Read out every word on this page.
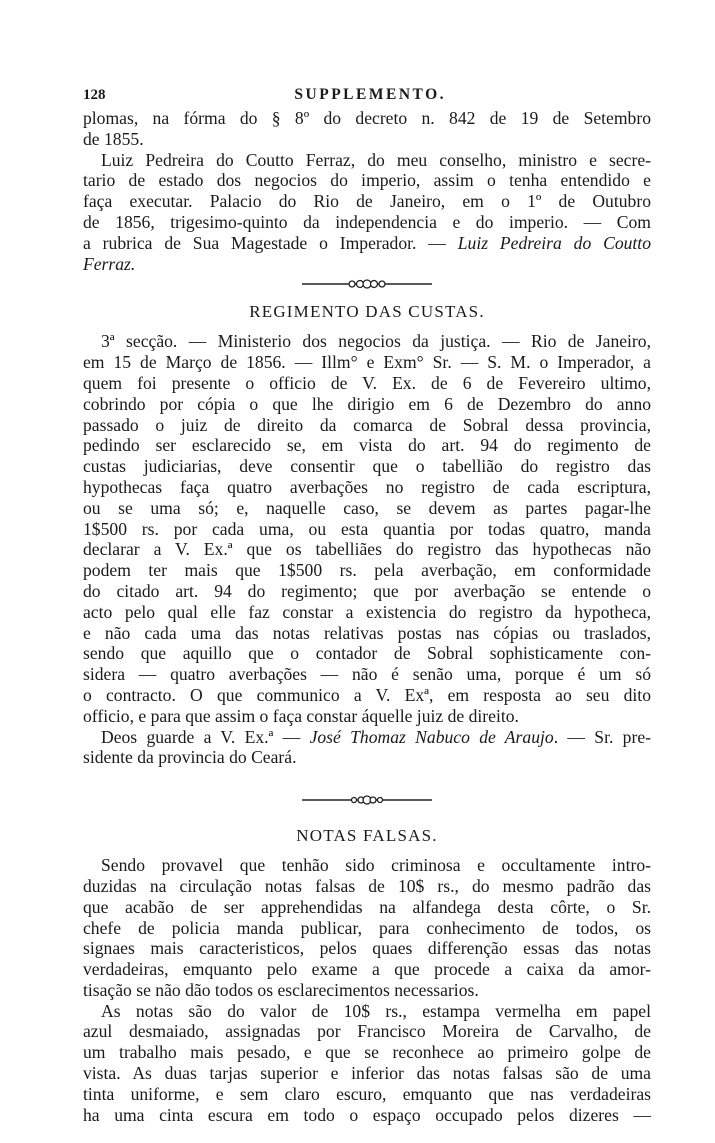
128	SUPPLEMENTO.
plomas, na fórma do § 8º do decreto n. 842 de 19 de Setembro
de 1855.
Luiz Pedreira do Coutto Ferraz, do meu conselho, ministro e secre-
tario de estado dos negocios do imperio, assim o tenha entendido e
faça executar. Palacio do Rio de Janeiro, em o 1º de Outubro
de 1856, trigesimo-quinto da independencia e do imperio. — Com
a rubrica de Sua Magestade o Imperador. — Luiz Pedreira do Coutto
Ferraz.
REGIMENTO DAS CUSTAS.
3ª secção. — Ministerio dos negocios da justiça. — Rio de Janeiro,
em 15 de Março de 1856. — Illm° e Exm° Sr. — S. M. o Imperador, a
quem foi presente o officio de V. Ex. de 6 de Fevereiro ultimo,
cobrindo por cópia o que lhe dirigio em 6 de Dezembro do anno
passado o juiz de direito da comarca de Sobral dessa provincia,
pedindo ser esclarecido se, em vista do art. 94 do regimento de
custas judiciarias, deve consentir que o tabellião do registro das
hypothecas faça quatro averbações no registro de cada escriptura,
ou se uma só; e, naquelle caso, se devem as partes pagar-lhe
1$500 rs. por cada uma, ou esta quantia por todas quatro, manda
declarar a V. Ex.ª que os tabelliães do registro das hypothecas não
podem ter mais que 1$500 rs. pela averbação, em conformidade
do citado art. 94 do regimento; que por averbação se entende o
acto pelo qual elle faz constar a existencia do registro da hypotheca,
e não cada uma das notas relativas postas nas cópias ou traslados,
sendo que aquillo que o contador de Sobral sophisticamente con-
sidera — quatro averbações — não é senão uma, porque é um só
o contracto. O que communico a V. Exª, em resposta ao seu dito
officio, e para que assim o faça constar áquelle juiz de direito.
Deos guarde a V. Ex.ª — José Thomaz Nabuco de Araujo. — Sr. pre-
sidente da provincia do Ceará.
NOTAS FALSAS.
Sendo provavel que tenhão sido criminosa e occultamente intro-
duzidas na circulação notas falsas de 10$ rs., do mesmo padrão das
que acabão de ser apprehendidas na alfandega desta côrte, o Sr.
chefe de policia manda publicar, para conhecimento de todos, os
signaes mais caracteristicos, pelos quaes differenção essas das notas
verdadeiras, emquanto pelo exame a que procede a caixa da amor-
tisação se não dão todos os esclarecimentos necessarios.
As notas são do valor de 10$ rs., estampa vermelha em papel
azul desmaiado, assignadas por Francisco Moreira de Carvalho, de
um trabalho mais pesado, e que se reconhece ao primeiro golpe de
vista. As duas tarjas superior e inferior das notas falsas são de uma
tinta uniforme, e sem claro escuro, emquanto que nas verdadeiras
ha uma cinta escura em todo o espaço occupado pelos dizeres —
